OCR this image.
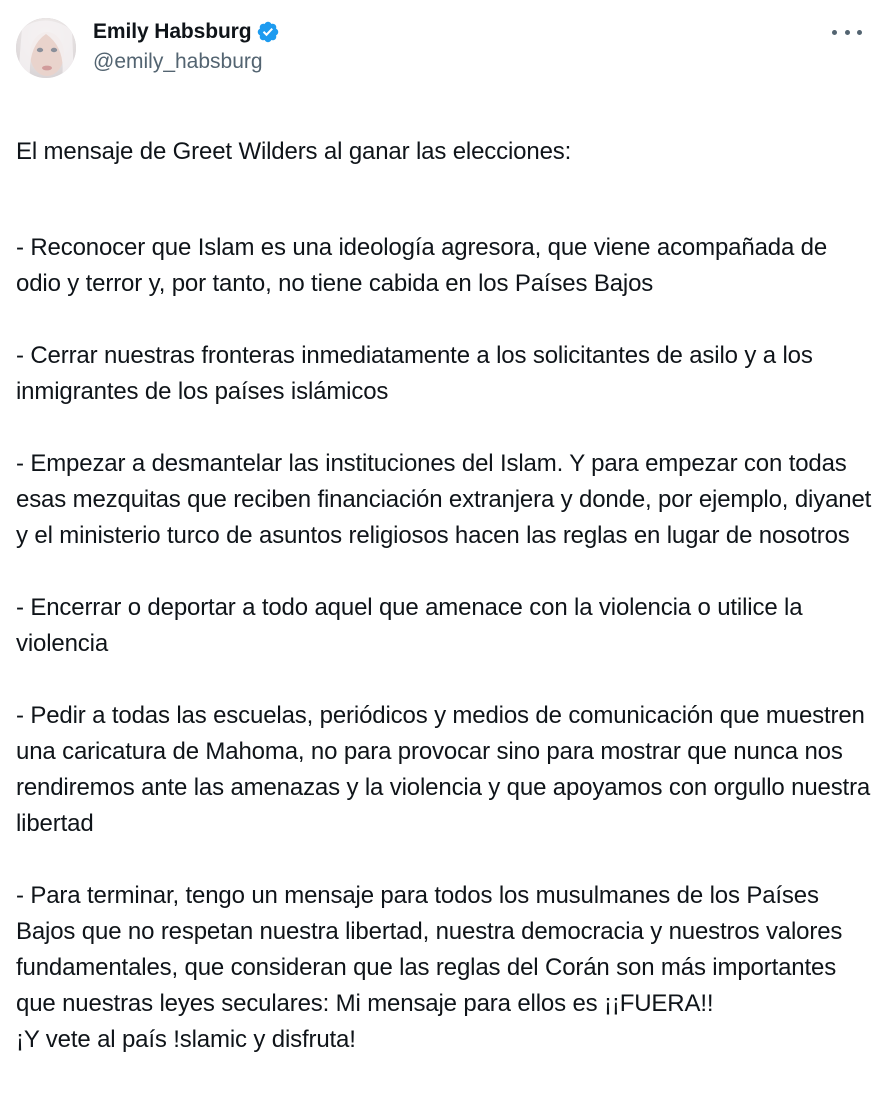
Emily Habsburg
@emily_habsburg

El mensaje de Greet Wilders al ganar las elecciones:

- Reconocer que Islam es una ideología agresora, que viene acompañada de odio y terror y, por tanto, no tiene cabida en los Países Bajos

- Cerrar nuestras fronteras inmediatamente a los solicitantes de asilo y a los inmigrantes de los países islámicos

- Empezar a desmantelar las instituciones del Islam. Y para empezar con todas esas mezquitas que reciben financiación extranjera y donde, por ejemplo, diyanet y el ministerio turco de asuntos religiosos hacen las reglas en lugar de nosotros

- Encerrar o deportar a todo aquel que amenace con la violencia o utilice la violencia

- Pedir a todas las escuelas, periódicos y medios de comunicación que muestren una caricatura de Mahoma, no para provocar sino para mostrar que nunca nos rendiremos ante las amenazas y la violencia y que apoyamos con orgullo nuestra libertad

- Para terminar, tengo un mensaje para todos los musulmanes de los Países Bajos que no respetan nuestra libertad, nuestra democracia y nuestros valores fundamentales, que consideran que las reglas del Corán son más importantes que nuestras leyes seculares: Mi mensaje para ellos es ¡¡FUERA!!

¡Y vete al país !slamic y disfruta!
